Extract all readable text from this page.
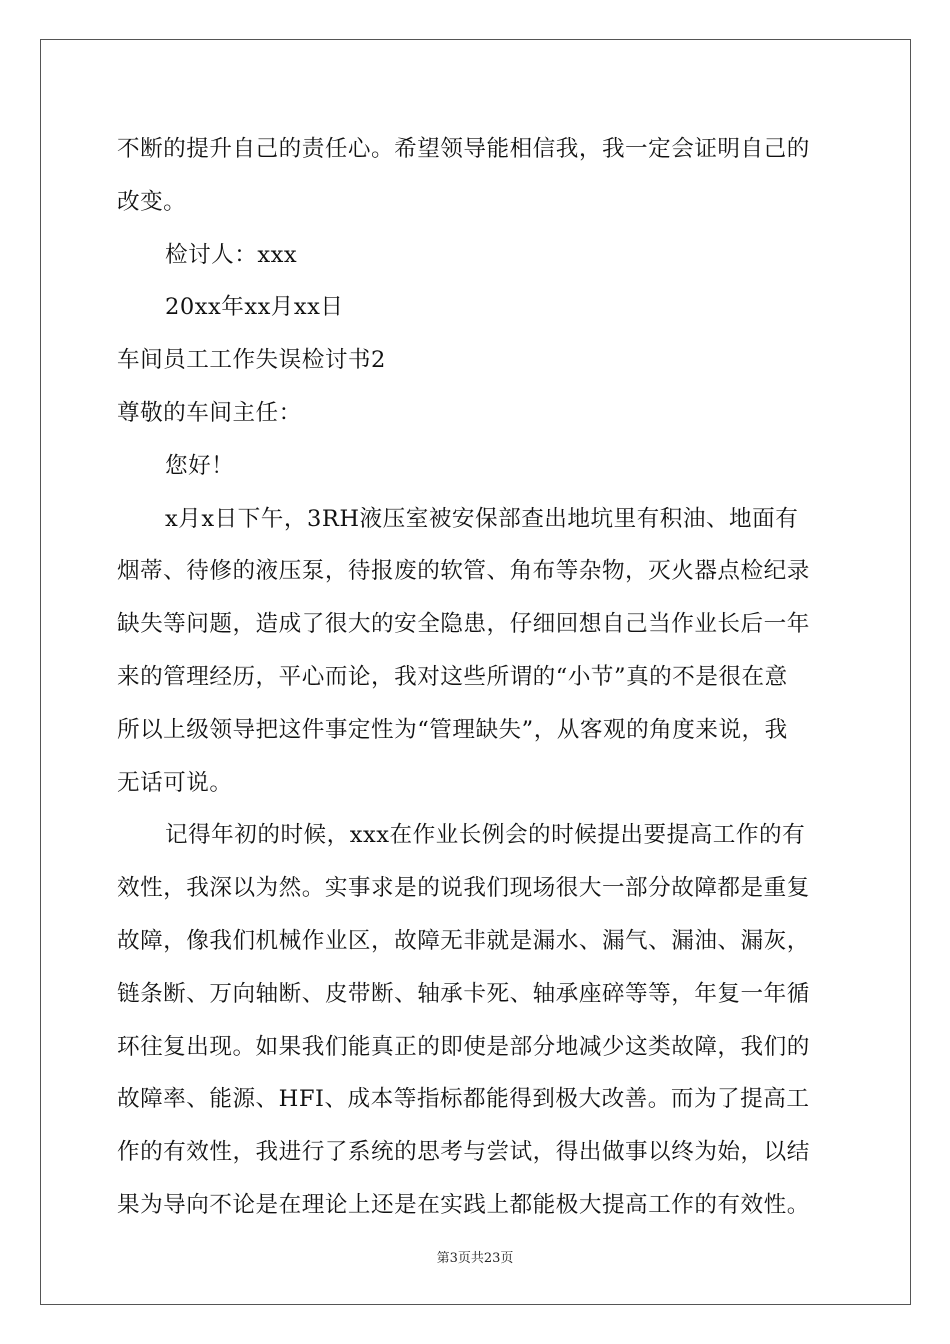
不断的提升自己的责任心。希望领导能相信我，我一定会证明自己的
改变。
检讨人：xxx
20xx年xx月xx日
车间员工工作失误检讨书2
尊敬的车间主任：
您好！
x月x日下午，3RH液压室被安保部查出地坑里有积油、地面有
烟蒂、待修的液压泵，待报废的软管、角布等杂物，灭火器点检纪录
缺失等问题，造成了很大的安全隐患，仔细回想自己当作业长后一年
来的管理经历，平心而论，我对这些所谓的“小节”真的不是很在意
所以上级领导把这件事定性为“管理缺失”，从客观的角度来说，我
无话可说。
记得年初的时候，xxx在作业长例会的时候提出要提高工作的有
效性，我深以为然。实事求是的说我们现场很大一部分故障都是重复
故障，像我们机械作业区，故障无非就是漏水、漏气、漏油、漏灰，
链条断、万向轴断、皮带断、轴承卡死、轴承座碎等等，年复一年循
环往复出现。如果我们能真正的即使是部分地减少这类故障，我们的
故障率、能源、HFI、成本等指标都能得到极大改善。而为了提高工
作的有效性，我进行了系统的思考与尝试，得出做事以终为始，以结
果为导向不论是在理论上还是在实践上都能极大提高工作的有效性。
第3页共23页
